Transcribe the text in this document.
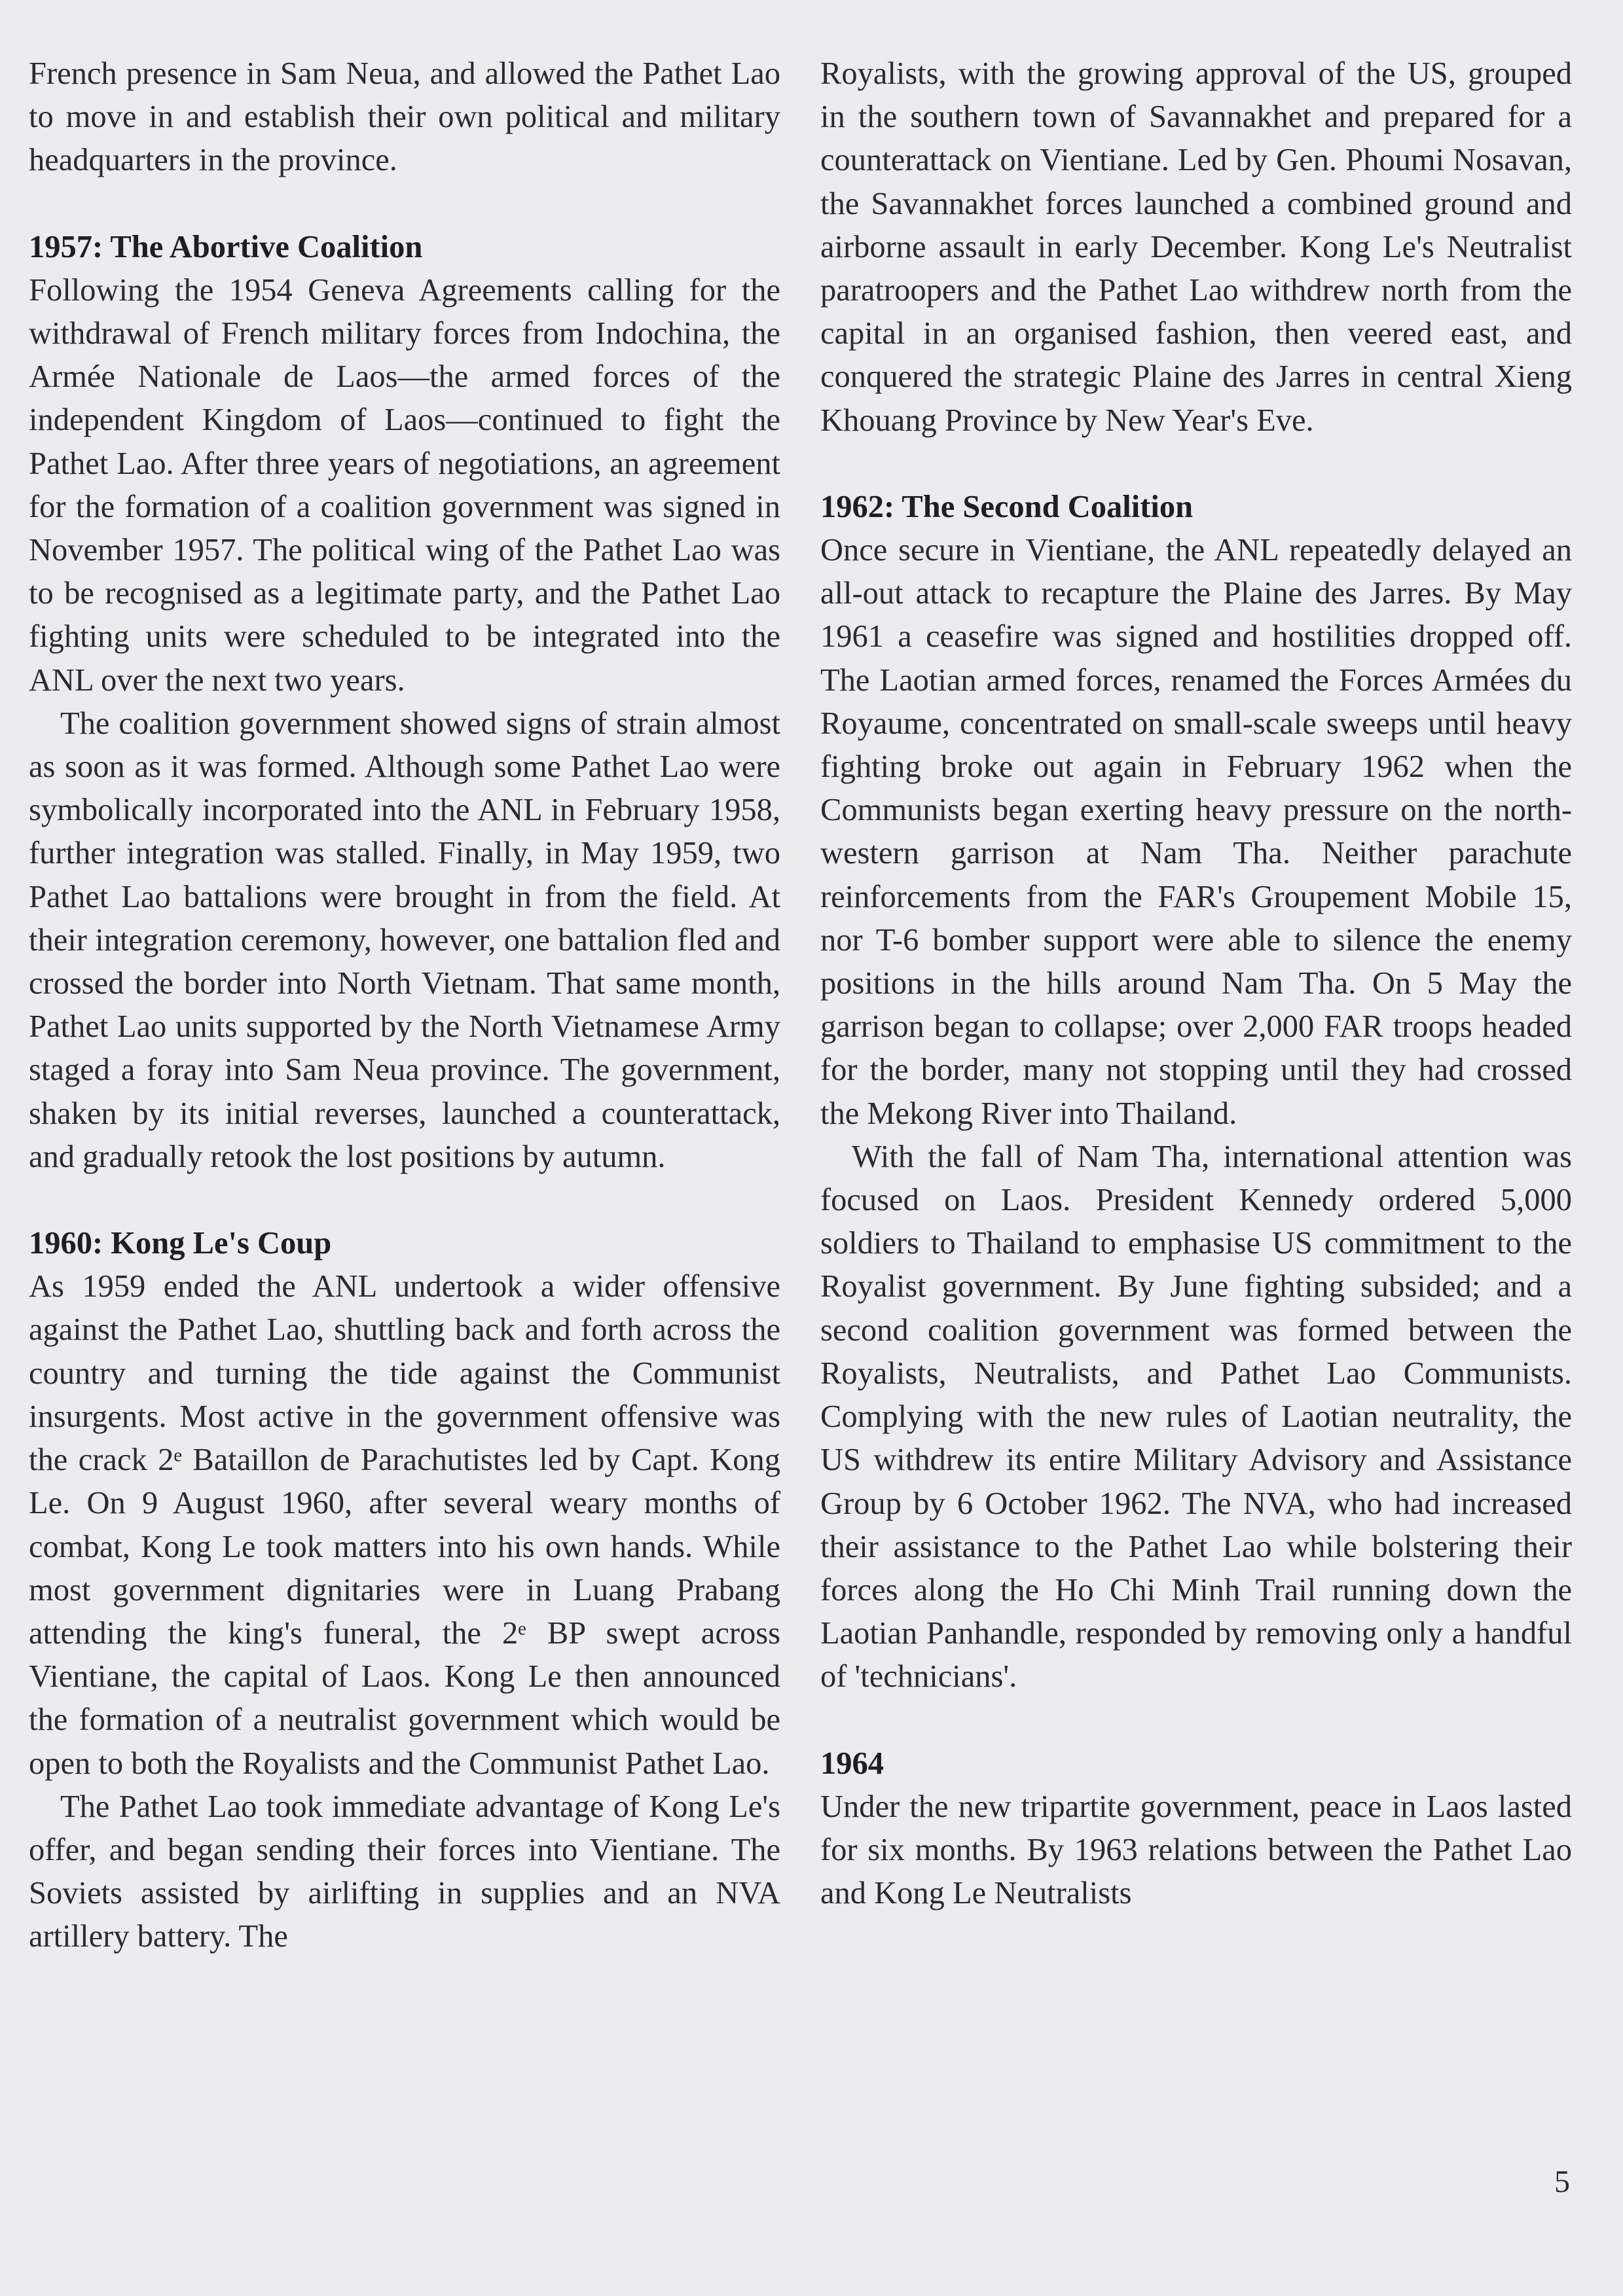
French presence in Sam Neua, and allowed the Pathet Lao to move in and establish their own political and military headquarters in the province.

1957: The Abortive Coalition

Following the 1954 Geneva Agreements calling for the withdrawal of French military forces from Indochina, the Armée Nationale de Laos—the armed forces of the independent Kingdom of Laos—continued to fight the Pathet Lao. After three years of negotiations, an agreement for the formation of a coalition government was signed in November 1957. The political wing of the Pathet Lao was to be recognised as a legitimate party, and the Pathet Lao fighting units were scheduled to be integrated into the ANL over the next two years.

The coalition government showed signs of strain almost as soon as it was formed. Although some Pathet Lao were symbolically incorporated into the ANL in February 1958, further integration was stalled. Finally, in May 1959, two Pathet Lao battalions were brought in from the field. At their integration ceremony, however, one battalion fled and crossed the border into North Vietnam. That same month, Pathet Lao units supported by the North Vietnamese Army staged a foray into Sam Neua province. The government, shaken by its initial reverses, launched a counterattack, and gradually retook the lost positions by autumn.

1960: Kong Le's Coup

As 1959 ended the ANL undertook a wider offensive against the Pathet Lao, shuttling back and forth across the country and turning the tide against the Communist insurgents. Most active in the government offensive was the crack 2ᵉ Bataillon de Parachutistes led by Capt. Kong Le. On 9 August 1960, after several weary months of combat, Kong Le took matters into his own hands. While most government dignitaries were in Luang Prabang attending the king's funeral, the 2ᵉ BP swept across Vientiane, the capital of Laos. Kong Le then announced the formation of a neutralist government which would be open to both the Royalists and the Communist Pathet Lao.

The Pathet Lao took immediate advantage of Kong Le's offer, and began sending their forces into Vientiane. The Soviets assisted by airlifting in supplies and an NVA artillery battery. The

Royalists, with the growing approval of the US, grouped in the southern town of Savannakhet and prepared for a counterattack on Vientiane. Led by Gen. Phoumi Nosavan, the Savannakhet forces launched a combined ground and airborne assault in early December. Kong Le's Neutralist paratroopers and the Pathet Lao withdrew north from the capital in an organised fashion, then veered east, and conquered the strategic Plaine des Jarres in central Xieng Khouang Province by New Year's Eve.

1962: The Second Coalition

Once secure in Vientiane, the ANL repeatedly delayed an all-out attack to recapture the Plaine des Jarres. By May 1961 a ceasefire was signed and hostilities dropped off. The Laotian armed forces, renamed the Forces Armées du Royaume, concentrated on small-scale sweeps until heavy fighting broke out again in February 1962 when the Communists began exerting heavy pressure on the north-western garrison at Nam Tha. Neither parachute reinforcements from the FAR's Groupement Mobile 15, nor T-6 bomber support were able to silence the enemy positions in the hills around Nam Tha. On 5 May the garrison began to collapse; over 2,000 FAR troops headed for the border, many not stopping until they had crossed the Mekong River into Thailand.

With the fall of Nam Tha, international attention was focused on Laos. President Kennedy ordered 5,000 soldiers to Thailand to emphasise US commitment to the Royalist government. By June fighting subsided; and a second coalition government was formed between the Royalists, Neutralists, and Pathet Lao Communists. Complying with the new rules of Laotian neutrality, the US withdrew its entire Military Advisory and Assistance Group by 6 October 1962. The NVA, who had increased their assistance to the Pathet Lao while bolstering their forces along the Ho Chi Minh Trail running down the Laotian Panhandle, responded by removing only a handful of 'technicians'.

1964

Under the new tripartite government, peace in Laos lasted for six months. By 1963 relations between the Pathet Lao and Kong Le Neutralists

5
